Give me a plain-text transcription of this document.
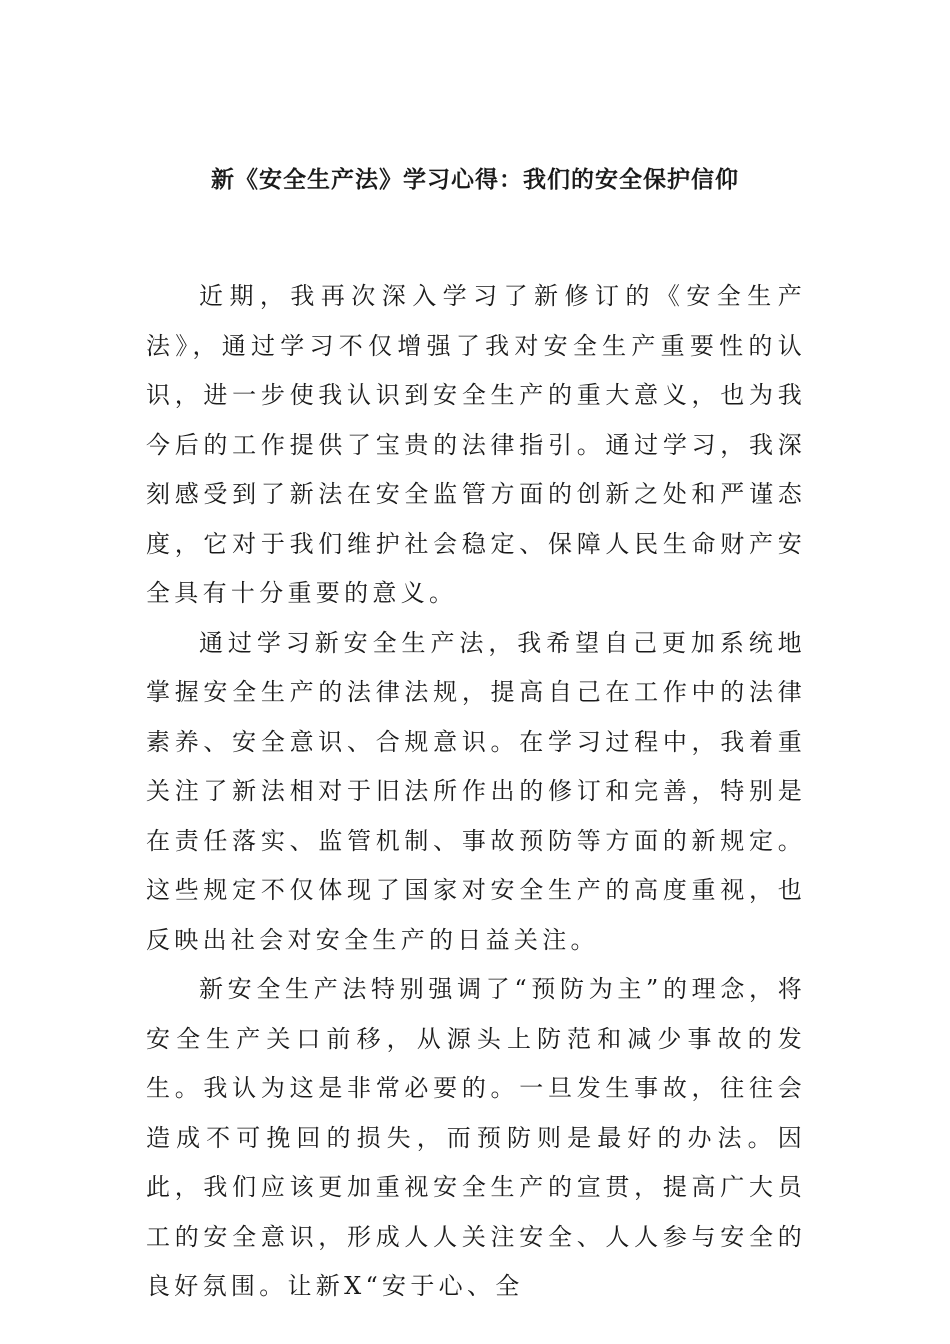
新《安全生产法》学习心得：我们的安全保护信仰

近期，我再次深入学习了新修订的《安全生产法》，通过学习不仅增强了我对安全生产重要性的认识，进一步使我认识到安全生产的重大意义，也为我今后的工作提供了宝贵的法律指引。通过学习，我深刻感受到了新法在安全监管方面的创新之处和严谨态度，它对于我们维护社会稳定、保障人民生命财产安全具有十分重要的意义。

通过学习新安全生产法，我希望自己更加系统地掌握安全生产的法律法规，提高自己在工作中的法律素养、安全意识、合规意识。在学习过程中，我着重关注了新法相对于旧法所作出的修订和完善，特别是在责任落实、监管机制、事故预防等方面的新规定。这些规定不仅体现了国家对安全生产的高度重视，也反映出社会对安全生产的日益关注。

新安全生产法特别强调了“预防为主”的理念，将安全生产关口前移，从源头上防范和减少事故的发生。我认为这是非常必要的。一旦发生事故，往往会造成不可挽回的损失，而预防则是最好的办法。因此，我们应该更加重视安全生产的宣贯，提高广大员工的安全意识，形成人人关注安全、人人参与安全的良好氛围。让新X“安于心、全
